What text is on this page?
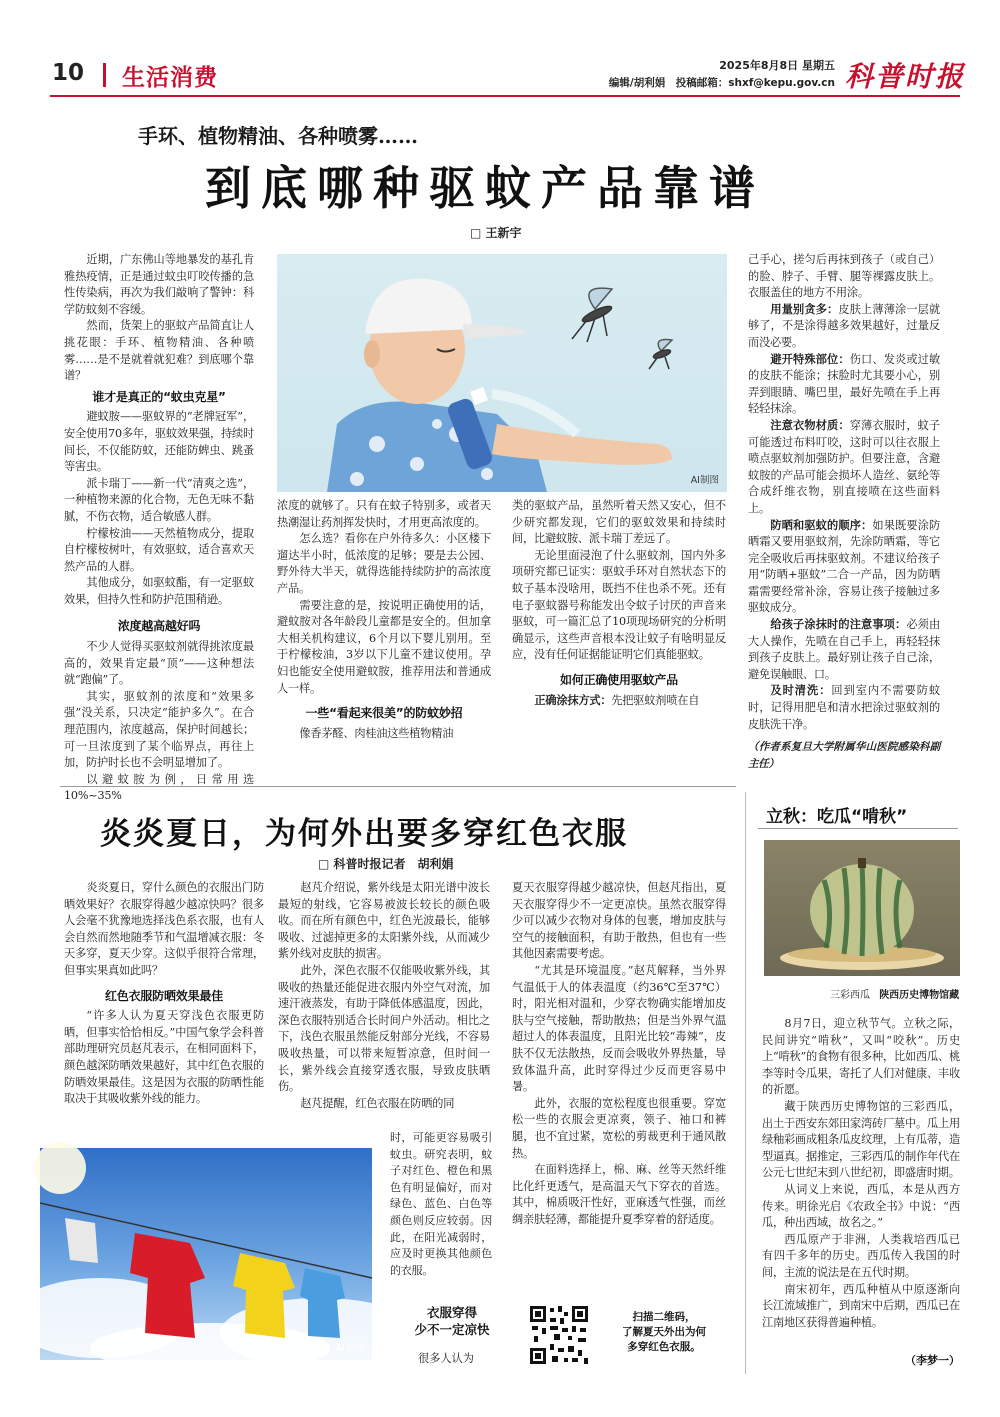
10 生活消费	2025年8月8日 星期五
编辑/胡利娟　投稿邮箱：shxf@kepu.gov.cn 科普时报
手环、植物精油、各种喷雾……
到底哪种驱蚊产品靠谱
□ 王新宇

近期，广东佛山等地暴发的基孔肯雅热疫情，正是通过蚊虫叮咬传播的急性传染病，再次为我们敲响了警钟：科学防蚊刻不容缓。

然而，货架上的驱蚊产品简直让人挑花眼：手环、植物精油、各种喷雾……是不是就着就犯难？到底哪个靠谱？

谁才是真正的“蚊虫克星”

避蚊胺——驱蚊界的“老牌冠军”，安全使用70多年，驱蚊效果强，持续时间长，不仅能防蚊，还能防蜱虫、跳蚤等害虫。

派卡瑞丁——新一代“清爽之选”，一种植物来源的化合物，无色无味不黏腻，不伤衣物，适合敏感人群。

柠檬桉油——天然植物成分，提取自柠檬桉树叶，有效驱蚊，适合喜欢天然产品的人群。

其他成分，如驱蚊酯，有一定驱蚊效果，但持久性和防护范围稍逊。

浓度越高越好吗

不少人觉得买驱蚊剂就得挑浓度最高的，效果肯定最“顶”——这种想法就“跑偏”了。

其实，驱蚊剂的浓度和“效果多强”没关系，只决定“能护多久”。在合理范围内，浓度越高，保护时间越长；可一旦浓度到了某个临界点，再往上加，防护时长也不会明显增加了。

以避蚊胺为例，日常用选10%~35%

AI制图

浓度的就够了。只有在蚊子特别多，或者天热潮湿让药剂挥发快时，才用更高浓度的。

怎么选？看你在户外待多久：小区楼下遛达半小时，低浓度的足够；要是去公园、野外待大半天，就得选能持续防护的高浓度产品。

需要注意的是，按说明正确使用的话，避蚊胺对各年龄段儿童都是安全的。但加拿大相关机构建议，6个月以下婴儿别用。至于柠檬桉油，3岁以下儿童不建议使用。孕妇也能安全使用避蚊胺，推荐用法和普通成人一样。

一些“看起来很美”的防蚊妙招

像香茅醛、肉桂油这些植物精油

类的驱蚊产品，虽然听着天然又安心，但不少研究都发现，它们的驱蚊效果和持续时间，比避蚊胺、派卡瑞丁差远了。

无论里面浸泡了什么驱蚊剂，国内外多项研究都已证实：驱蚊手环对自然状态下的蚊子基本没啥用，既挡不住也杀不死。还有电子驱蚊器号称能发出令蚊子讨厌的声音来驱蚊，可一篇汇总了10项现场研究的分析明确显示，这些声音根本没让蚊子有啥明显反应，没有任何证据能证明它们真能驱蚊。

如何正确使用驱蚊产品

正确涂抹方式：先把驱蚊剂喷在自

己手心，搓匀后再抹到孩子（或自己）的脸、脖子、手臂、腿等裸露皮肤上。衣服盖住的地方不用涂。

用量别贪多：皮肤上薄薄涂一层就够了，不是涂得越多效果越好，过量反而没必要。

避开特殊部位：伤口、发炎或过敏的皮肤不能涂；抹脸时尤其要小心，别弄到眼睛、嘴巴里，最好先喷在手上再轻轻抹涂。

注意衣物材质：穿薄衣服时，蚊子可能透过布料叮咬，这时可以往衣服上喷点驱蚊剂加强防护。但要注意，含避蚊胺的产品可能会损坏人造丝、氨纶等合成纤维衣物，别直接喷在这些面料上。

防晒和驱蚊的顺序：如果既要涂防晒霜又要用驱蚊剂，先涂防晒霜，等它完全吸收后再抹驱蚊剂。不建议给孩子用“防晒+驱蚊”二合一产品，因为防晒霜需要经常补涂，容易让孩子接触过多驱蚊成分。

给孩子涂抹时的注意事项：必须由大人操作，先喷在自己手上，再轻轻抹到孩子皮肤上。最好别让孩子自己涂，避免误触眼、口。

及时清洗：回到室内不需要防蚊时，记得用肥皂和清水把涂过驱蚊剂的皮肤洗干净。

（作者系复旦大学附属华山医院感染科副主任）

炎炎夏日，为何外出要多穿红色衣服
□ 科普时报记者　胡利娟

炎炎夏日，穿什么颜色的衣服出门防晒效果好？衣服穿得越少越凉快吗？很多人会毫不犹豫地选择浅色系衣服，也有人会自然而然地随季节和气温增减衣服：冬天多穿，夏天少穿。这似乎很符合常理，但事实果真如此吗？

红色衣服防晒效果最佳

“许多人认为夏天穿浅色衣服更防晒，但事实恰恰相反。”中国气象学会科普部助理研究员赵芃表示，在相同面料下，颜色越深防晒效果越好，其中红色衣服的防晒效果最佳。这是因为衣服的防晒性能取决于其吸收紫外线的能力。

赵芃介绍说，紫外线是太阳光谱中波长最短的射线，它容易被波长较长的颜色吸收。而在所有颜色中，红色光波最长，能够吸收、过滤掉更多的太阳紫外线，从而减少紫外线对皮肤的损害。

此外，深色衣服不仅能吸收紫外线，其吸收的热量还能促进衣服内外空气对流，加速汗液蒸发，有助于降低体感温度，因此，深色衣服特别适合长时间户外活动。相比之下，浅色衣服虽然能反射部分光线，不容易吸收热量，可以带来短暂凉意，但时间一长，紫外线会直接穿透衣服，导致皮肤晒伤。

赵芃提醒，红色衣服在防晒的同

AI制图

时，可能更容易吸引蚊虫。研究表明，蚊子对红色、橙色和黑色有明显偏好，而对绿色、蓝色、白色等颜色则反应较弱。因此，在阳光减弱时，应及时更换其他颜色的衣服。

衣服穿得
少不一定凉快
很多人认为

夏天衣服穿得越少越凉快，但赵芃指出，夏天衣服穿得少不一定更凉快。虽然衣服穿得少可以减少衣物对身体的包裹，增加皮肤与空气的接触面积，有助于散热，但也有一些其他因素需要考虑。

“尤其是环境温度。”赵芃解释，当外界气温低于人的体表温度（约36℃至37℃）时，阳光相对温和，少穿衣物确实能增加皮肤与空气接触，帮助散热；但是当外界气温超过人的体表温度，且阳光比较“毒辣”，皮肤不仅无法散热，反而会吸收外界热量，导致体温升高，此时穿得过少反而更容易中暑。

此外，衣服的宽松程度也很重要。穿宽松一些的衣服会更凉爽，领子、袖口和裤腿，也不宜过紧，宽松的剪裁更利于通风散热。

在面料选择上，棉、麻、丝等天然纤维比化纤更透气，是高温天气下穿衣的首选。其中，棉质吸汗性好，亚麻透气性强，而丝绸亲肤轻薄，都能提升夏季穿着的舒适度。

扫描二维码，
了解夏天外出为何
多穿红色衣服。
立秋：吃瓜“啃秋”
三彩西瓜 陕西历史博物馆藏

8月7日，迎立秋节气。立秋之际，民间讲究“啃秋”，又叫“咬秋”。历史上“啃秋”的食物有很多种，比如西瓜、桃李等时令瓜果，寄托了人们对健康、丰收的祈愿。

藏于陕西历史博物馆的三彩西瓜，出土于西安东郊田家湾砖厂墓中。瓜上用绿釉彩画成粗条瓜皮纹理，上有瓜蒂，造型逼真。据推定，三彩西瓜的制作年代在公元七世纪末到八世纪初，即盛唐时期。

从词义上来说，西瓜，本是从西方传来。明徐光启《农政全书》中说：“西瓜，种出西域，故名之。”

西瓜原产于非洲，人类栽培西瓜已有四千多年的历史。西瓜传入我国的时间，主流的说法是在五代时期。

南宋初年，西瓜种植从中原逐渐向长江流域推广，到南宋中后期，西瓜已在江南地区获得普遍种植。

（李梦一）
